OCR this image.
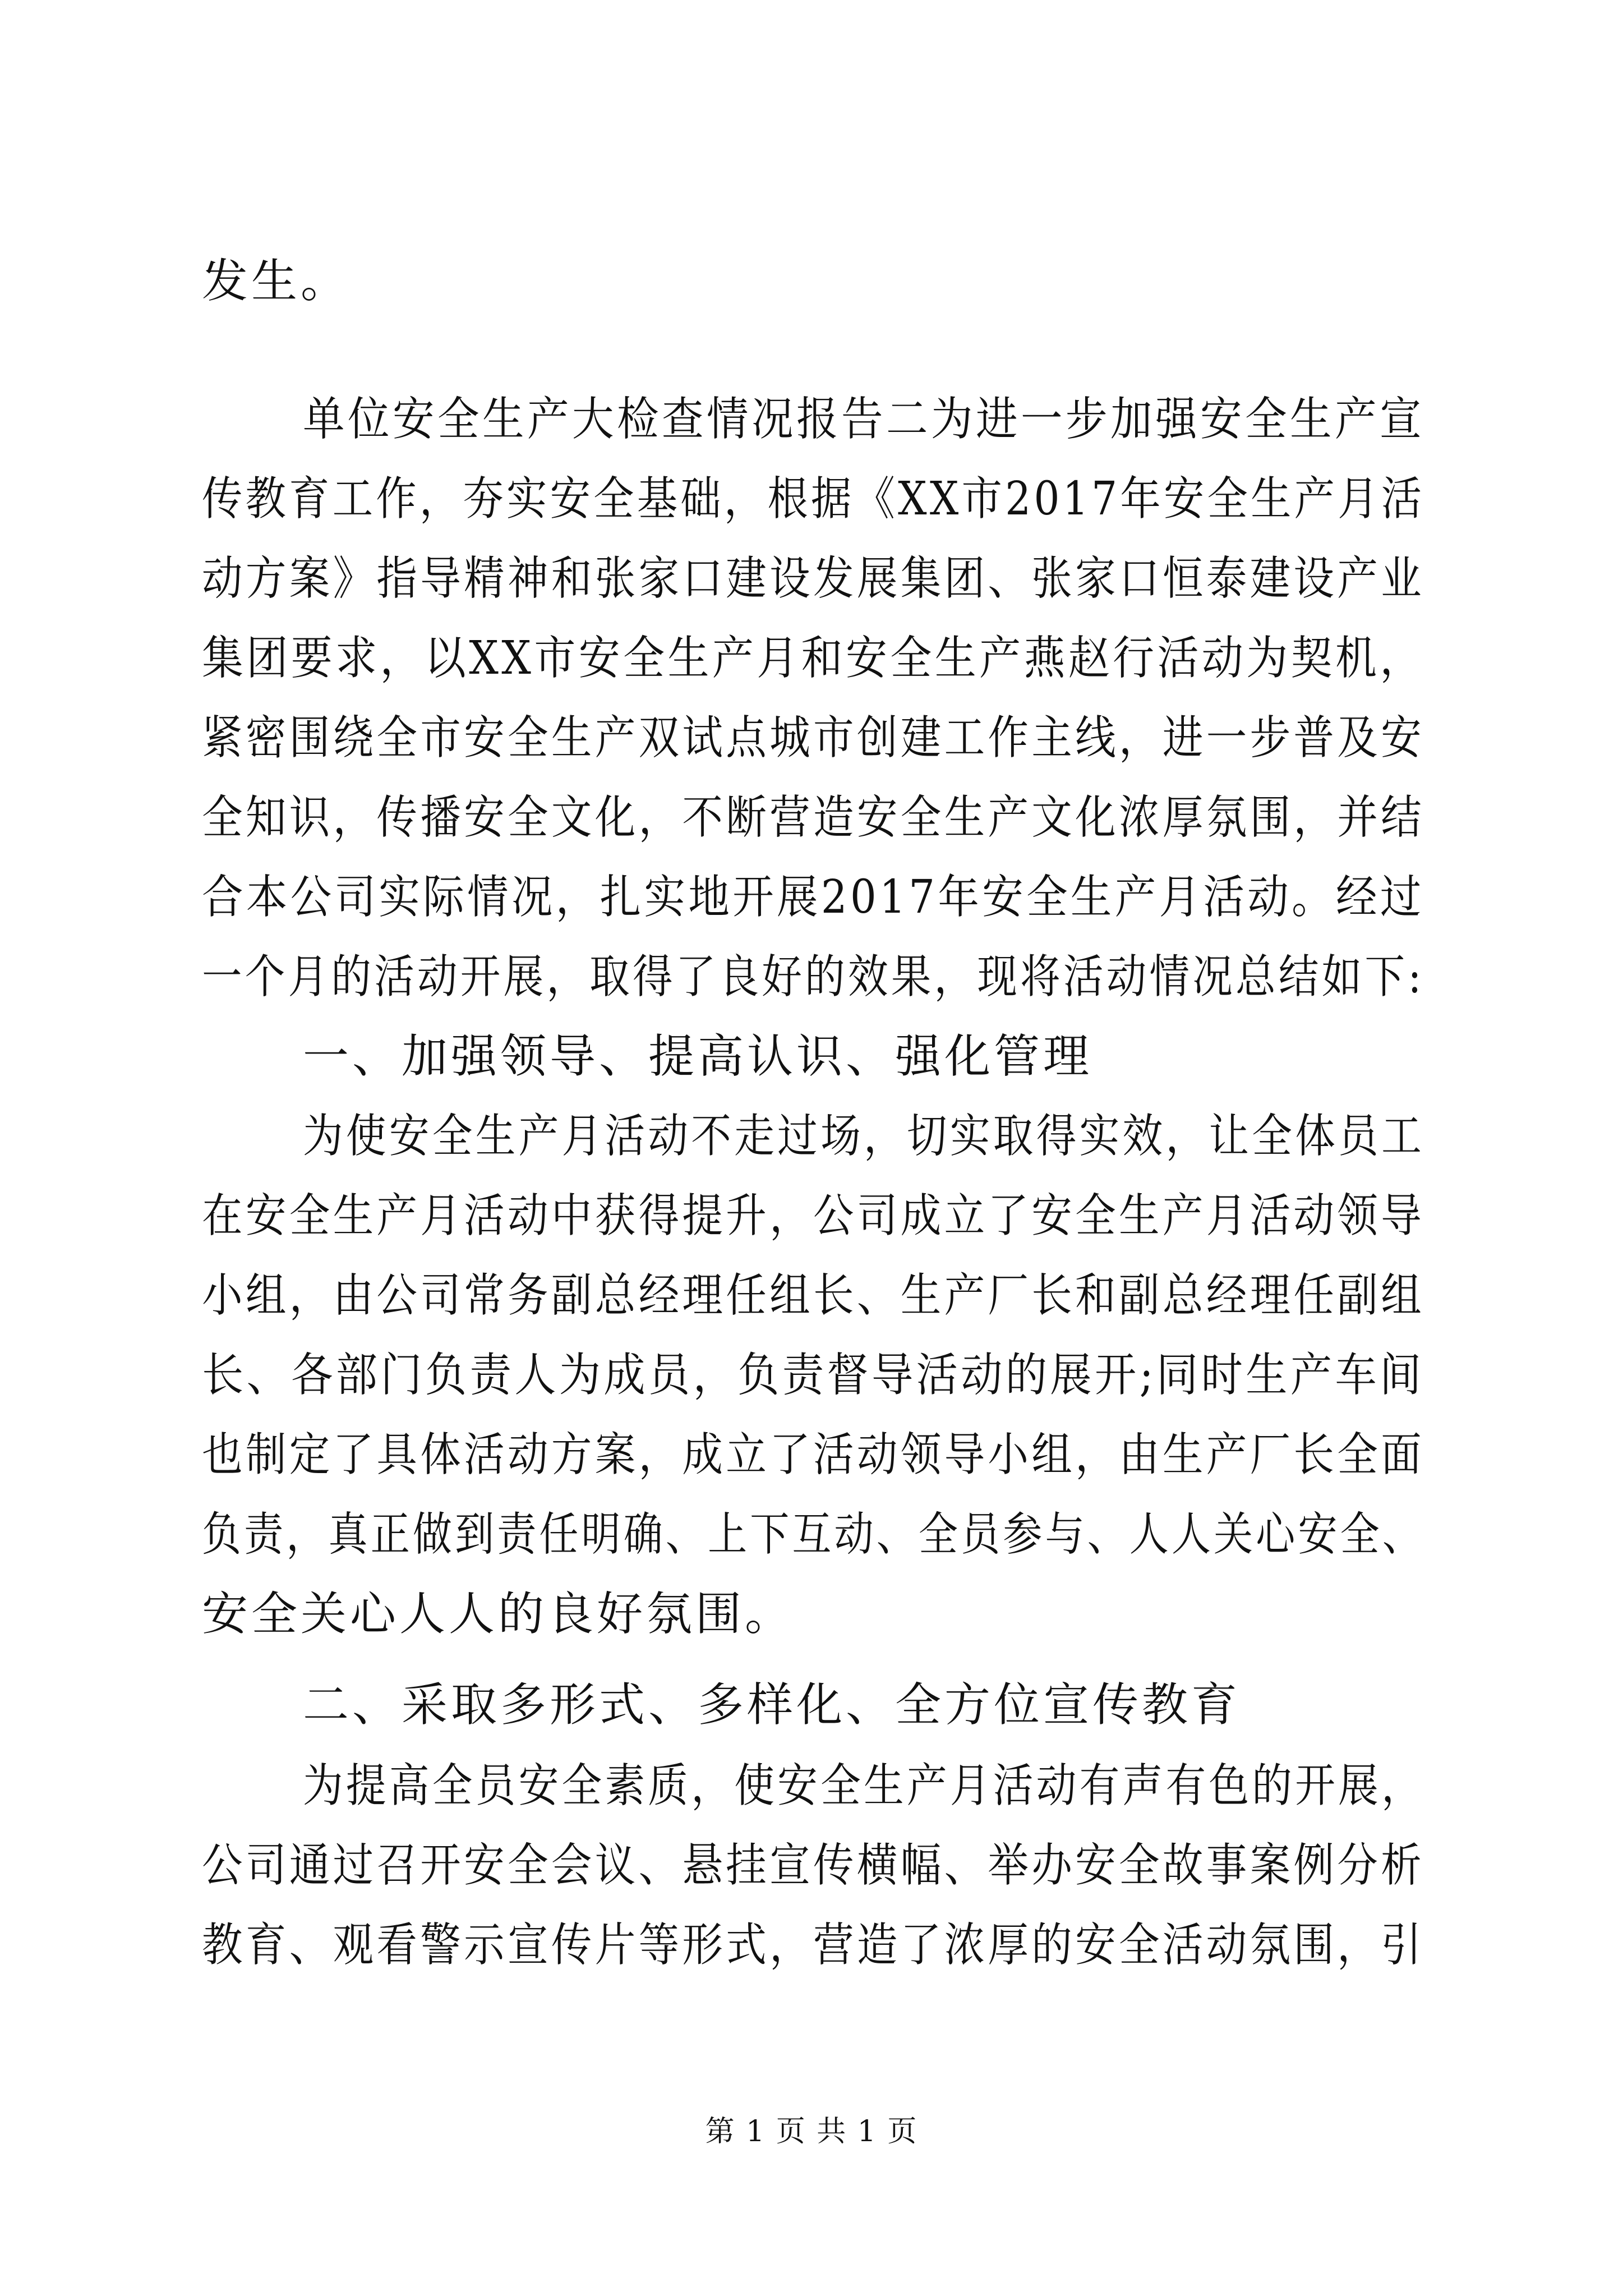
发生。
单位安全生产大检查情况报告二为进一步加强安全生产宣
传教育工作，夯实安全基础，根据《XX市2017年安全生产月活
动方案》指导精神和张家口建设发展集团、张家口恒泰建设产业
集团要求，以XX市安全生产月和安全生产燕赵行活动为契机，
紧密围绕全市安全生产双试点城市创建工作主线，进一步普及安
全知识，传播安全文化，不断营造安全生产文化浓厚氛围，并结
合本公司实际情况，扎实地开展2017年安全生产月活动。经过
一个月的活动开展，取得了良好的效果，现将活动情况总结如下:
一、加强领导、提高认识、强化管理
为使安全生产月活动不走过场，切实取得实效，让全体员工
在安全生产月活动中获得提升，公司成立了安全生产月活动领导
小组，由公司常务副总经理任组长、生产厂长和副总经理任副组
长、各部门负责人为成员，负责督导活动的展开;同时生产车间
也制定了具体活动方案，成立了活动领导小组，由生产厂长全面
负责，真正做到责任明确、上下互动、全员参与、人人关心安全、
安全关心人人的良好氛围。
二、采取多形式、多样化、全方位宣传教育
为提高全员安全素质，使安全生产月活动有声有色的开展，
公司通过召开安全会议、悬挂宣传横幅、举办安全故事案例分析
教育、观看警示宣传片等形式，营造了浓厚的安全活动氛围，引
第 1 页 共 1 页
